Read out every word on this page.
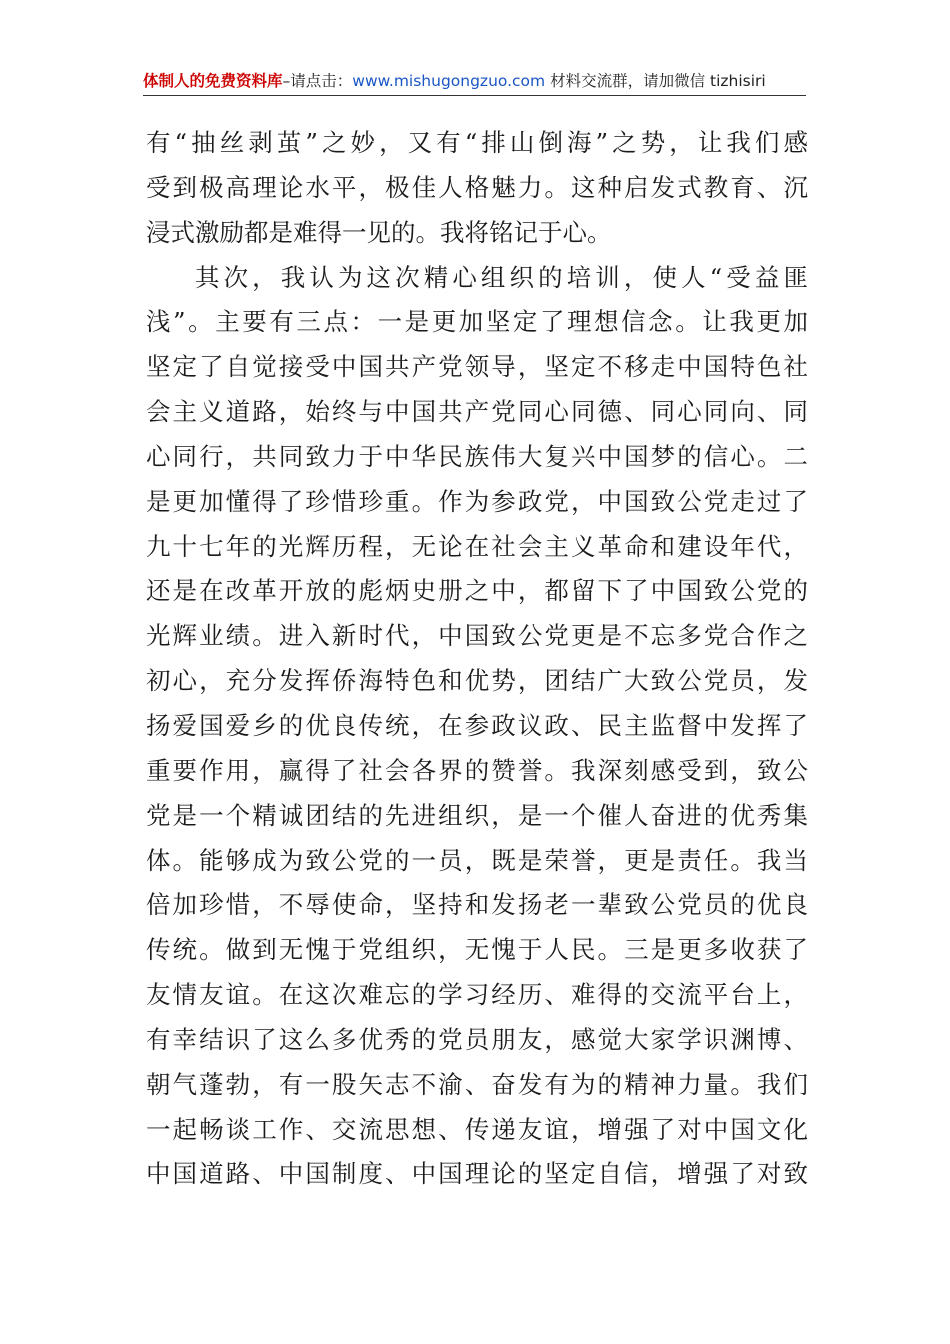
体制人的免费资料库–请点击：www.mishugongzuo.com 材料交流群，请加微信 tizhisiri
有“抽丝剥茧”之妙，又有“排山倒海”之势，让我们感
受到极高理论水平，极佳人格魅力。这种启发式教育、沉
浸式激励都是难得一见的。我将铭记于心。
其次，我认为这次精心组织的培训，使人“受益匪
浅”。主要有三点：一是更加坚定了理想信念。让我更加
坚定了自觉接受中国共产党领导，坚定不移走中国特色社
会主义道路，始终与中国共产党同心同德、同心同向、同
心同行，共同致力于中华民族伟大复兴中国梦的信心。二
是更加懂得了珍惜珍重。作为参政党，中国致公党走过了
九十七年的光辉历程，无论在社会主义革命和建设年代，
还是在改革开放的彪炳史册之中，都留下了中国致公党的
光辉业绩。进入新时代，中国致公党更是不忘多党合作之
初心，充分发挥侨海特色和优势，团结广大致公党员，发
扬爱国爱乡的优良传统，在参政议政、民主监督中发挥了
重要作用，赢得了社会各界的赞誉。我深刻感受到，致公
党是一个精诚团结的先进组织，是一个催人奋进的优秀集
体。能够成为致公党的一员，既是荣誉，更是责任。我当
倍加珍惜，不辱使命，坚持和发扬老一辈致公党员的优良
传统。做到无愧于党组织，无愧于人民。三是更多收获了
友情友谊。在这次难忘的学习经历、难得的交流平台上，
有幸结识了这么多优秀的党员朋友，感觉大家学识渊博、
朝气蓬勃，有一股矢志不渝、奋发有为的精神力量。我们
一起畅谈工作、交流思想、传递友谊，增强了对中国文化
中国道路、中国制度、中国理论的坚定自信，增强了对致
